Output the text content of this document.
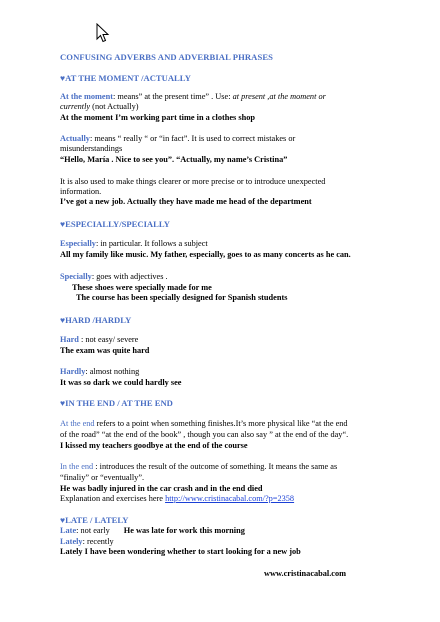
CONFUSING ADVERBS AND ADVERBIAL PHRASES
♥AT THE MOMENT /ACTUALLY
At the moment: means” at the present time” . Use: at present ,at the moment or
currently (not Actually)
At the moment I’m working part time in a clothes shop
Actually: means “ really “ or “in fact”. It is used to correct mistakes or
misunderstandings
“Hello, María . Nice to see you”. “Actually, my name’s Cristina”
It is also used to make things clearer or more precise or to introduce unexpected
information.
I’ve got a new job. Actually they have made me head of the department
♥ESPECIALLY/SPECIALLY
Especially: in particular. It follows a subject
All my family like music. My father, especially, goes to as many concerts as he can.
Specially: goes with adjectives .
These shoes were specially made for me
The course has been specially designed for Spanish students
♥HARD /HARDLY
Hard : not easy/ severe
The exam was quite hard
Hardly: almost nothing
It was so dark we could hardly see
♥IN THE END / AT THE END
At the end refers to a point when something finishes.It’s more physical like “at the end
of the road” “at the end of the book” , though you can also say ” at the end of the day“.
I kissed my teachers goodbye at the end of the course
In the end : introduces the result of the outcome of something. It means the same as
“finaliy” or “eventually”.
He was badly injured in the car crash and in the end died
Explanation and exercises here http://www.cristinacabal.com/?p=2358
♥LATE / LATELY
Late: not early He was late for work this morning
Lately: recently
Lately I have been wondering whether to start looking for a new job
www.cristinacabal.com
